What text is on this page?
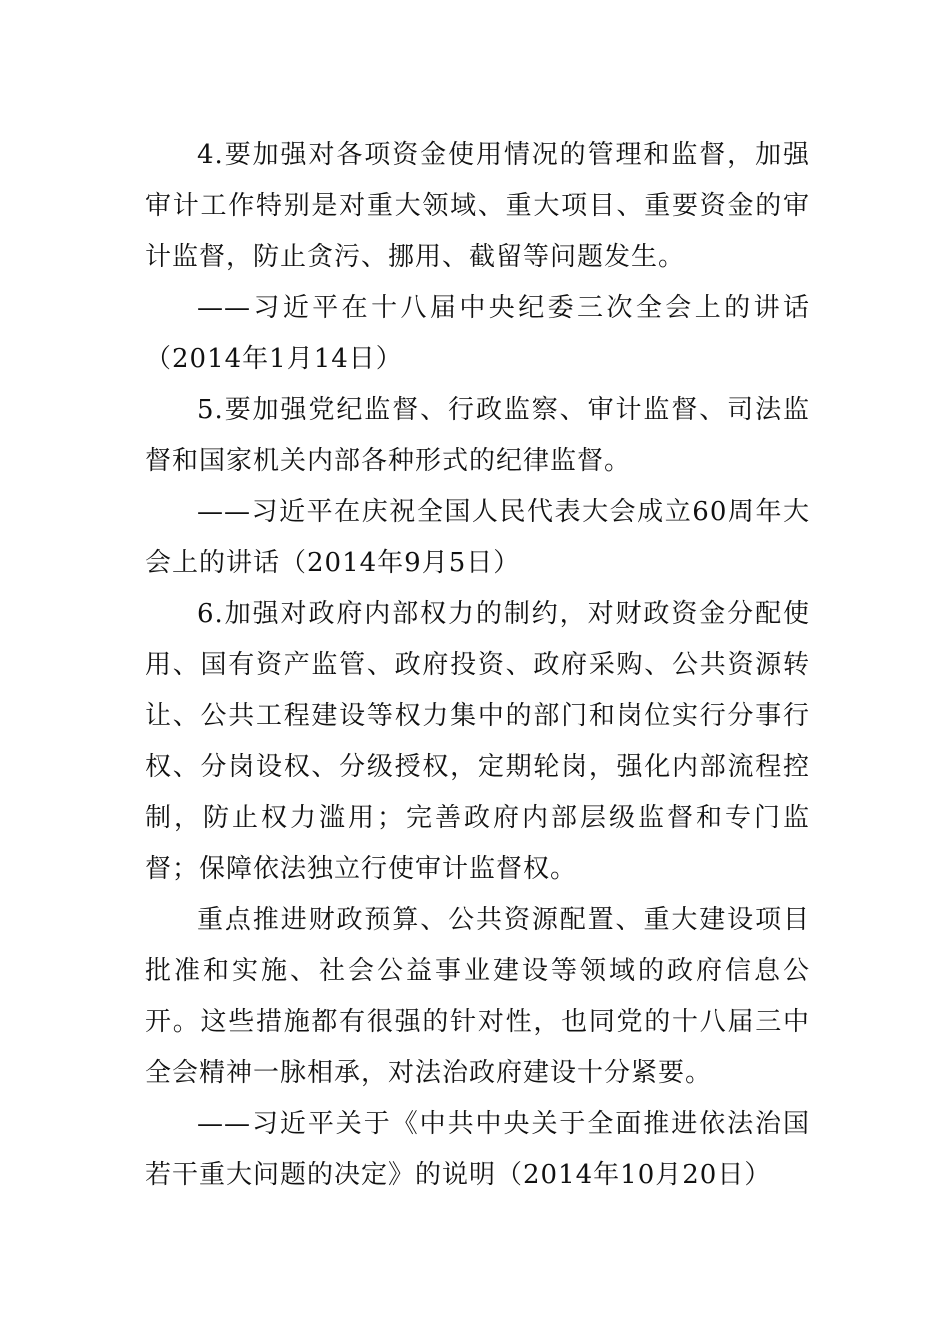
4.要加强对各项资金使用情况的管理和监督，加强审计工作特别是对重大领域、重大项目、重要资金的审计监督，防止贪污、挪用、截留等问题发生。

——习近平在十八届中央纪委三次全会上的讲话（2014年1月14日）

5.要加强党纪监督、行政监察、审计监督、司法监督和国家机关内部各种形式的纪律监督。

——习近平在庆祝全国人民代表大会成立60周年大会上的讲话（2014年9月5日）

6.加强对政府内部权力的制约，对财政资金分配使用、国有资产监管、政府投资、政府采购、公共资源转让、公共工程建设等权力集中的部门和岗位实行分事行权、分岗设权、分级授权，定期轮岗，强化内部流程控制，防止权力滥用；完善政府内部层级监督和专门监督；保障依法独立行使审计监督权。

重点推进财政预算、公共资源配置、重大建设项目批准和实施、社会公益事业建设等领域的政府信息公开。这些措施都有很强的针对性，也同党的十八届三中全会精神一脉相承，对法治政府建设十分紧要。

——习近平关于《中共中央关于全面推进依法治国若干重大问题的决定》的说明（2014年10月20日）
